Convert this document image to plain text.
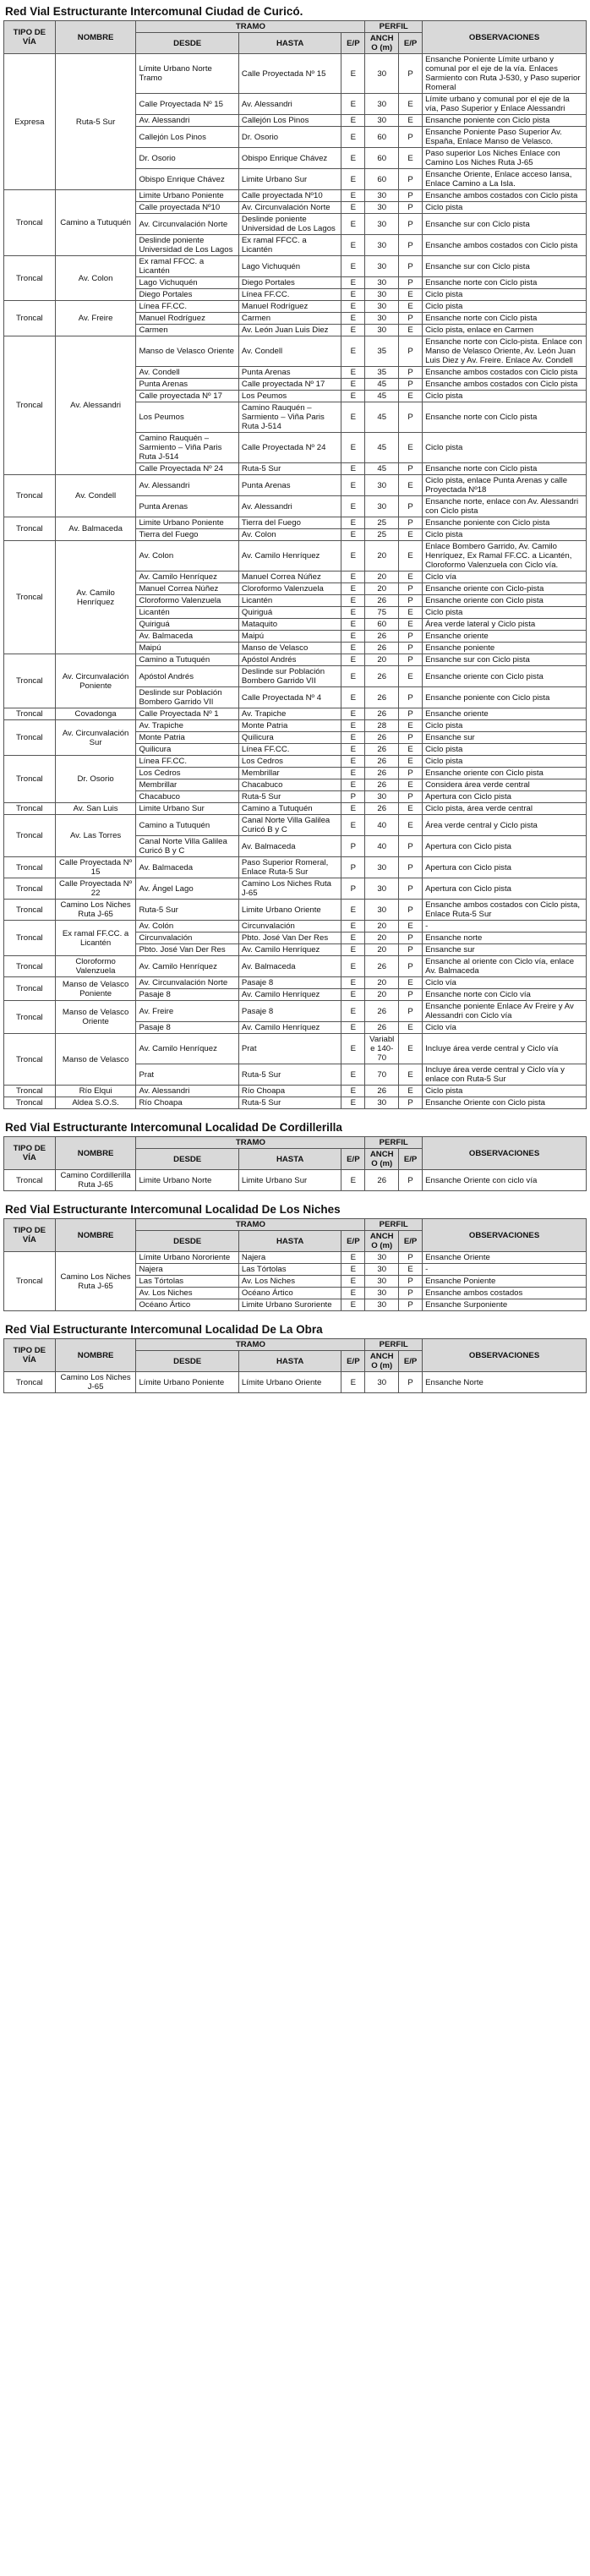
Red Vial Estructurante Intercomunal Ciudad de Curicó.
TIPO DE VÍA	NOMBRE	TRAMO			PERFIL		OBSERVACIONES
					ANCHO (m)	E/P	
		DESDE	HASTA	E/P			
Expresa	Ruta-5 Sur	Límite Urbano Norte Tramo	Calle Proyectada Nº 15	E	30	P	Ensanche Poniente Límite urbano y comunal por el eje de la vía. Enlaces Sarmiento con Ruta J-530, y Paso superior Romeral
		Calle Proyectada Nº 15	Av. Alessandri	E	30	E	Límite urbano y comunal por el eje de la vía, Paso Superior y Enlace Alessandri
		Av. Alessandri	Callejón Los Pinos	E	30	E	Ensanche poniente con Ciclo pista
		Callejón Los Pinos	Dr. Osorio	E	60	P	Ensanche Poniente Paso Superior Av. España, Enlace Manso de Velasco.
		Dr. Osorio	Obispo Enrique Chávez	E	60	E	Paso superior Los Niches Enlace con Camino Los Niches Ruta J-65
		Obispo Enrique Chávez	Limite Urbano Sur	E	60	P	Ensanche Oriente, Enlace acceso Iansa, Enlace Camino a La Isla.
Troncal	Camino a Tutuquén	Limite Urbano Poniente	Calle proyectada Nº10	E	30	P	Ensanche ambos costados con Ciclo pista
		Calle proyectada Nº10	Av. Circunvalación Norte	E	30	P	Ciclo pista
		Av. Circunvalación Norte	Deslinde poniente Universidad de Los Lagos	E	30	P	Ensanche sur con Ciclo pista
		Deslinde poniente Universidad de Los Lagos	Ex ramal FFCC. a Licantén	E	30	P	Ensanche ambos costados con Ciclo pista
Troncal	Av. Colon	Ex ramal FFCC. a Licantén	Lago Vichuquén	E	30	P	Ensanche sur con Ciclo pista
		Lago Vichuquén	Diego Portales	E	30	P	Ensanche norte con Ciclo pista
		Diego Portales	Línea FF.CC.	E	30	E	Ciclo pista
Troncal	Av. Freire	Línea FF.CC.	Manuel Rodríguez	E	30	E	Ciclo pista
		Manuel Rodríguez	Carmen	E	30	P	Ensanche norte con Ciclo pista
		Carmen	Av. León Juan Luis Diez	E	30	E	Ciclo pista, enlace en Carmen
Troncal	Av. Alessandri	Manso de Velasco Oriente	Av. Condell	E	35	P	Ensanche norte con Ciclo-pista. Enlace con Manso de Velasco Oriente, Av. León Juan Luis Diez y Av. Freire. Enlace Av. Condell
		Av. Condell	Punta Arenas	E	35	P	Ensanche ambos costados con Ciclo pista
		Punta Arenas	Calle proyectada Nº 17	E	45	P	Ensanche ambos costados con Ciclo pista
		Calle proyectada Nº 17	Los Peumos	E	45	E	Ciclo pista
		Los Peumos	Camino Rauquén – Sarmiento – Viña Paris Ruta J-514	E	45	P	Ensanche norte con Ciclo pista
		Camino Rauquén – Sarmiento – Viña Paris Ruta J-514	Calle Proyectada Nº 24	E	45	E	Ciclo pista
		Calle Proyectada Nº 24	Ruta-5 Sur	E	45	P	Ensanche norte con Ciclo pista
Troncal	Av. Condell	Av. Alessandri	Punta Arenas	E	30	E	Ciclo pista, enlace Punta Arenas y calle Proyectada Nº18
		Punta Arenas	Av. Alessandri	E	30	P	Ensanche norte, enlace con Av. Alessandri con Ciclo pista
Troncal	Av. Balmaceda	Limite Urbano Poniente	Tierra del Fuego	E	25	P	Ensanche poniente con Ciclo pista
		Tierra del Fuego	Av. Colon	E	25	E	Ciclo pista
Troncal	Av. Camilo Henríquez	Av. Colon	Av. Camilo Henríquez	E	20	E	Enlace Bombero Garrido, Av. Camilo Henríquez, Ex Ramal FF.CC. a Licantén, Cloroformo Valenzuela con Ciclo vía.
		Av. Camilo Henríquez	Manuel Correa Núñez	E	20	E	Ciclo vía
		Manuel Correa Núñez	Cloroformo Valenzuela	E	20	P	Ensanche oriente con Ciclo-pista
		Cloroformo Valenzuela	Licantén	E	26	P	Ensanche oriente con Ciclo pista
		Licantén	Quiriguá	E	75	E	Ciclo pista
		Quiriguá	Mataquito	E	60	E	Área verde lateral y Ciclo pista
		Av. Balmaceda	Maipú	E	26	P	Ensanche oriente
		Maipú	Manso de Velasco	E	26	P	Ensanche poniente
Troncal	Av. Circunvalación Poniente	Camino a Tutuquén	Apóstol Andrés	E	20	P	Ensanche sur con Ciclo pista
		Apóstol Andrés	Deslinde sur Población Bombero Garrido VII	E	26	E	Ensanche oriente con Ciclo pista
		Deslinde sur Población Bombero Garrido VII	Calle Proyectada Nº 4	E	26	P	Ensanche poniente con Ciclo pista
Troncal	Covadonga	Calle Proyectada Nº 1	Av. Trapiche	E	26	P	Ensanche oriente
Troncal	Av. Circunvalación Sur	Av. Trapiche	Monte Patria	E	28	E	Ciclo pista
		Monte Patria	Quilicura	E	26	P	Ensanche sur
		Quilicura	Línea FF.CC.	E	26	E	Ciclo pista
Troncal	Dr. Osorio	Línea FF.CC.	Los Cedros	E	26	E	Ciclo pista
		Los Cedros	Membrillar	E	26	P	Ensanche oriente con Ciclo pista
		Membrillar	Chacabuco	E	26	E	Considera área verde central
		Chacabuco	Ruta-5 Sur	P	30	P	Apertura con Ciclo pista
Troncal	Av. San Luis	Limite Urbano Sur	Camino a Tutuquén	E	26	E	Ciclo pista, área verde central
Troncal	Av. Las Torres	Camino a Tutuquén	Canal Norte Villa Galilea Curicó B y C	E	40	E	Área verde central y Ciclo pista
		Canal Norte Villa Galilea Curicó B y C	Av. Balmaceda	P	40	P	Apertura con Ciclo pista
Troncal	Calle Proyectada Nº 15	Av. Balmaceda	Paso Superior Romeral, Enlace Ruta-5 Sur	P	30	P	Apertura con Ciclo pista
Troncal	Calle Proyectada Nº 22	Av. Ángel Lago	Camino Los Niches Ruta J-65	P	30	P	Apertura con Ciclo pista
Troncal	Camino Los Niches Ruta J-65	Ruta-5 Sur	Limite Urbano Oriente	E	30	P	Ensanche ambos costados con Ciclo pista, Enlace Ruta-5 Sur
Troncal	Ex ramal FF.CC. a Licantén	Av. Colón	Circunvalación	E	20	E	-
		Circunvalación	Pbto. José Van Der Res	E	20	P	Ensanche norte
		Pbto. José Van Der Res	Av. Camilo Henríquez	E	20	P	Ensanche sur
Troncal	Cloroformo Valenzuela	Av. Camilo Henríquez	Av. Balmaceda	E	26	P	Ensanche al oriente con Ciclo vía, enlace Av. Balmaceda
Troncal	Manso de Velasco Poniente	Av. Circunvalación Norte	Pasaje 8	E	20	E	Ciclo vía
		Pasaje 8	Av. Camilo Henríquez	E	20	P	Ensanche norte con Ciclo vía
Troncal	Manso de Velasco Oriente	Av. Freire	Pasaje 8	E	26	P	Ensanche poniente Enlace Av Freire y Av Alessandri con Ciclo vía
		Pasaje 8	Av. Camilo Henríquez	E	26	E	Ciclo vía
Troncal	Manso de Velasco	Av. Camilo Henríquez	Prat	E	Variable 140-70	E	Incluye área verde central y Ciclo vía
		Prat	Ruta-5 Sur	E	70	E	Incluye área verde central y Ciclo vía y enlace con Ruta-5 Sur
Troncal	Río Elqui	Av. Alessandri	Río Choapa	E	26	E	Ciclo pista
Troncal	Aldea S.O.S.	Río Choapa	Ruta-5 Sur	E	30	P	Ensanche Oriente con Ciclo pista
Red Vial Estructurante Intercomunal Localidad De Cordillerilla
TIPO DE VÍA	NOMBRE	TRAMO			PERFIL		OBSERVACIONES
					ANCHO (m)	E/P	
		DESDE	HASTA	E/P			
Troncal	Camino Cordillerilla Ruta J-65	Limite Urbano Norte	Limite Urbano Sur	E	26	P	Ensanche Oriente con ciclo vía
Red Vial Estructurante Intercomunal Localidad De Los Niches
TIPO DE VÍA	NOMBRE	TRAMO			PERFIL		OBSERVACIONES
					ANCHO (m)	E/P	
		DESDE	HASTA	E/P			
Troncal	Camino Los Niches Ruta J-65	Límite Urbano Nororiente	Najera	E	30	P	Ensanche Oriente
		Najera	Las Tórtolas	E	30	E	-
		Las Tórtolas	Av. Los Niches	E	30	P	Ensanche Poniente
		Av. Los Niches	Océano Ártico	E	30	P	Ensanche ambos costados
		Océano Ártico	Limite Urbano Suroriente	E	30	P	Ensanche Surponiente
Red Vial Estructurante Intercomunal Localidad De La Obra
TIPO DE VÍA	NOMBRE	TRAMO			PERFIL		OBSERVACIONES
					ANCHO (m)	E/P	
		DESDE	HASTA	E/P			
Troncal	Camino Los Niches J-65	Límite Urbano Poniente	Límite Urbano Oriente	E	30	P	Ensanche Norte
